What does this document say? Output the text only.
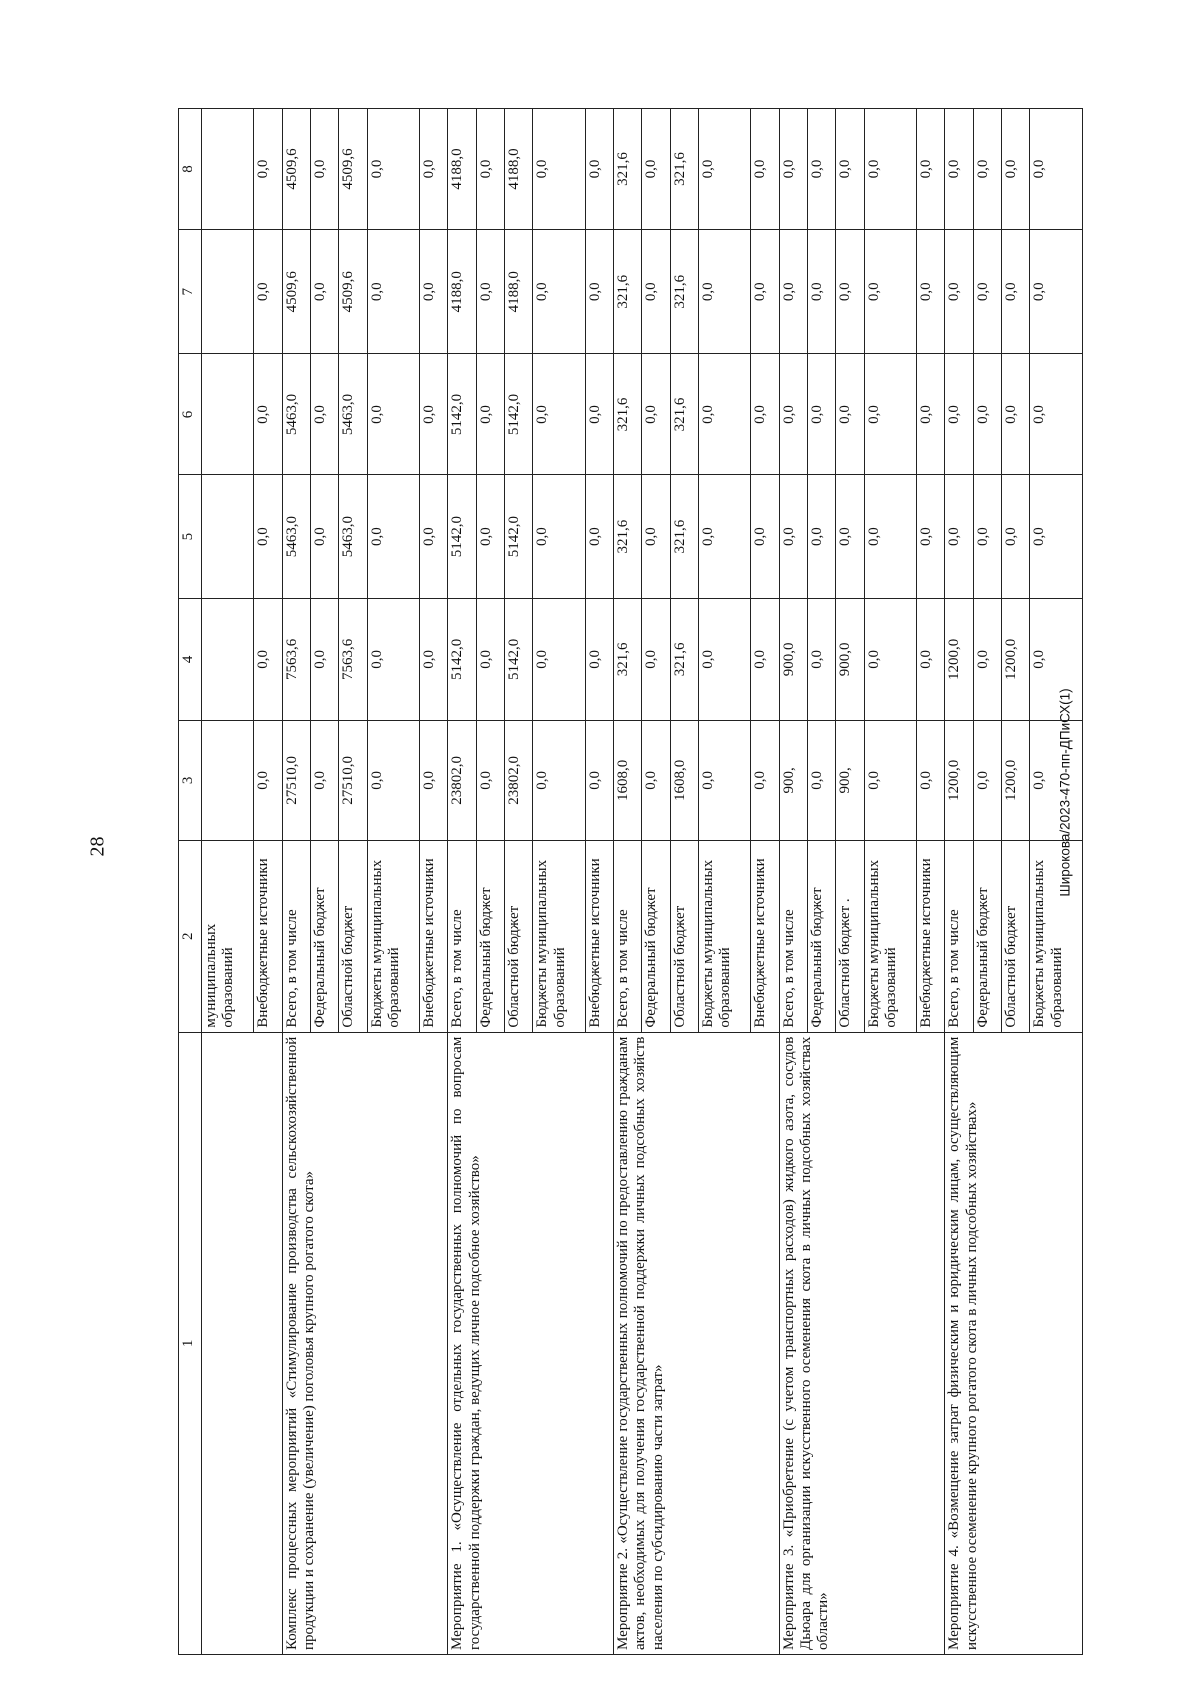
28	Широкова/2023-470-пп-ДПиСХ(1)
1	2	3	4	5	6	7	8
	муниципальных образований						
	Внебюджетные источники	0,0	0,0	0,0	0,0	0,0	0,0
Комплекс процессных мероприятий «Стимулирование производства сельскохозяйственной продукции и сохранение (увеличение) поголовья крупного рогатого скота»	Всего, в том числе	27510,0	7563,6	5463,0	5463,0	4509,6	4509,6
	Федеральный бюджет	0,0	0,0	0,0	0,0	0,0	0,0
	Областной бюджет	27510,0	7563,6	5463,0	5463,0	4509,6	4509,6
	Бюджеты муниципальных образований	0,0	0,0	0,0	0,0	0,0	0,0
	Внебюджетные источники	0,0	0,0	0,0	0,0	0,0	0,0
Мероприятие 1. «Осуществление отдельных государственных полномочий по вопросам государственной поддержки граждан, ведущих личное подсобное хозяйство»	Всего, в том числе	23802,0	5142,0	5142,0	5142,0	4188,0	4188,0
	Федеральный бюджет	0,0	0,0	0,0	0,0	0,0	0,0
	Областной бюджет	23802,0	5142,0	5142,0	5142,0	4188,0	4188,0
	Бюджеты муниципальных образований	0,0	0,0	0,0	0,0	0,0	0,0
	Внебюджетные источники	0,0	0,0	0,0	0,0	0,0	0,0
Мероприятие 2. «Осуществление государственных полномочий по предоставлению гражданам актов, необходимых для получения государственной поддержки личных подсобных хозяйств населения по субсидированию части затрат»	Всего, в том числе	1608,0	321,6	321,6	321,6	321,6	321,6
	Федеральный бюджет	0,0	0,0	0,0	0,0	0,0	0,0
	Областной бюджет	1608,0	321,6	321,6	321,6	321,6	321,6
	Бюджеты муниципальных образований	0,0	0,0	0,0	0,0	0,0	0,0
	Внебюджетные источники	0,0	0,0	0,0	0,0	0,0	0,0
Мероприятие 3. «Приобретение (с учетом транспортных расходов) жидкого азота, сосудов Дьюара для организации искусственного осеменения скота в личных подсобных хозяйствах области»	Всего, в том числе	900,	900,0	0,0	0,0	0,0	0,0
	Федеральный бюджет	0,0	0,0	0,0	0,0	0,0	0,0
	Областной бюджет .	900,	900,0	0,0	0,0	0,0	0,0
	Бюджеты муниципальных образований	0,0	0,0	0,0	0,0	0,0	0,0
	Внебюджетные источники	0,0	0,0	0,0	0,0	0,0	0,0
Мероприятие 4. «Возмещение затрат физическим и юридическим лицам, осуществляющим искусственное осеменение крупного рогатого скота в личных подсобных хозяйствах»	Всего, в том числе	1200,0	1200,0	0,0	0,0	0,0	0,0
	Федеральный бюджет	0,0	0,0	0,0	0,0	0,0	0,0
	Областной бюджет	1200,0	1200,0	0,0	0,0	0,0	0,0
	Бюджеты муниципальных образований	0,0	0,0	0,0	0,0	0,0	0,0
